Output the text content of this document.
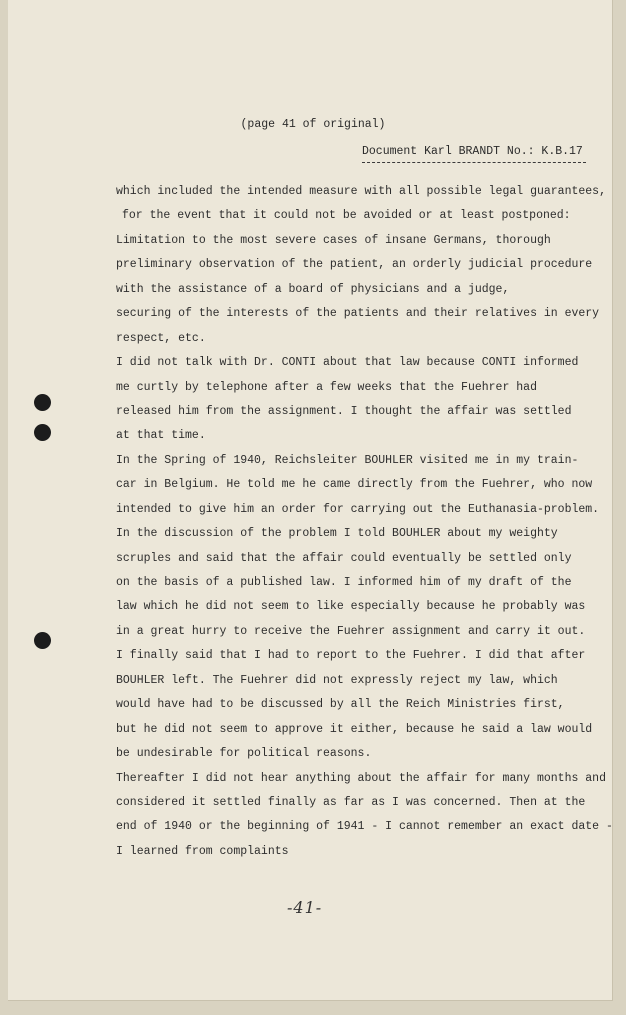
(page 41 of original)
Document Karl BRANDT No.: K.B.17
which included the intended measure with all possible legal guarantees,
for the event that it could not be avoided or at least postponed:
Limitation to the most severe cases of insane Germans, thorough
preliminary observation of the patient, an orderly judicial procedure
with the assistance of a board of physicians and a judge,
securing of the interests of the patients and their relatives in every
respect, etc.
I did not talk with Dr. CONTI about that law because CONTI informed
me curtly by telephone after a few weeks that the Fuehrer had
released him from the assignment. I thought the affair was settled
at that time.
In the Spring of 1940, Reichsleiter BOUHLER visited me in my train-
car in Belgium. He told me he came directly from the Fuehrer, who now
intended to give him an order for carrying out the Euthanasia-problem.
In the discussion of the problem I told BOUHLER about my weighty
scruples and said that the affair could eventually be settled only
on the basis of a published law. I informed him of my draft of the
law which he did not seem to like especially because he probably was
in a great hurry to receive the Fuehrer assignment and carry it out.
I finally said that I had to report to the Fuehrer. I did that after
BOUHLER left. The Fuehrer did not expressly reject my law, which
would have had to be discussed by all the Reich Ministries first,
but he did not seem to approve it either, because he said a law would
be undesirable for political reasons.
Thereafter I did not hear anything about the affair for many months and
considered it settled finally as far as I was concerned. Then at the
end of 1940 or the beginning of 1941 - I cannot remember an exact date -
I learned from complaints
-41-
